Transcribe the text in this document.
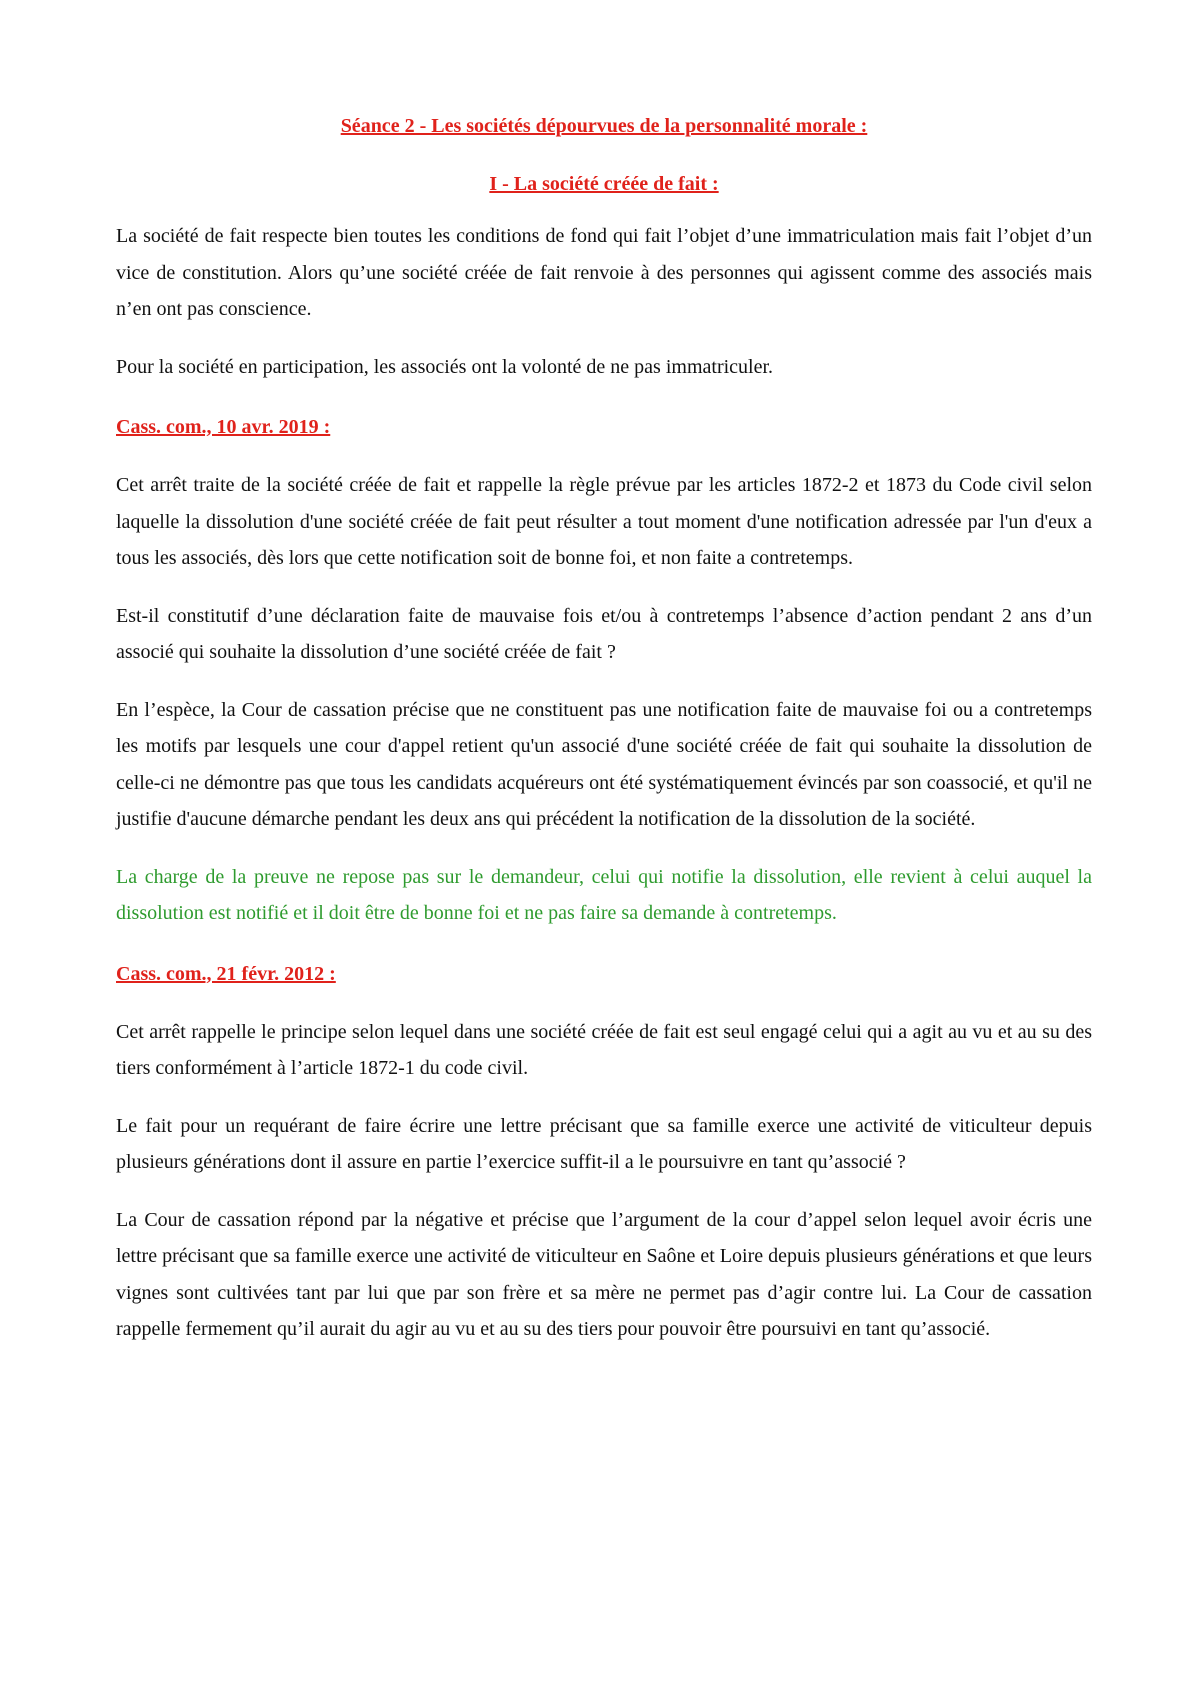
Séance 2 - Les sociétés dépourvues de la personnalité morale :

I - La société créée de fait :

La société de fait respecte bien toutes les conditions de fond qui fait l’objet d’une immatriculation mais fait l’objet d’un vice de constitution. Alors qu’une société créée de fait renvoie à des personnes qui agissent comme des associés mais n’en ont pas conscience.

Pour la société en participation, les associés ont la volonté de ne pas immatriculer.

Cass. com., 10 avr. 2019 :

Cet arrêt traite de la société créée de fait et rappelle la règle prévue par les articles 1872-2 et 1873 du Code civil selon laquelle la dissolution d'une société créée de fait peut résulter a tout moment d'une notification adressée par l'un d'eux a tous les associés, dès lors que cette notification soit de bonne foi, et non faite a contretemps.

Est-il constitutif d’une déclaration faite de mauvaise fois et/ou à contretemps l’absence d’action pendant 2 ans d’un associé qui souhaite la dissolution d’une société créée de fait ?

En l’espèce, la Cour de cassation précise que ne constituent pas une notification faite de mauvaise foi ou a contretemps les motifs par lesquels une cour d'appel retient qu'un associé d'une société créée de fait qui souhaite la dissolution de celle-ci ne démontre pas que tous les candidats acquéreurs ont été systématiquement évincés par son coassocié, et qu'il ne justifie d'aucune démarche pendant les deux ans qui précédent la notification de la dissolution de la société.

La charge de la preuve ne repose pas sur le demandeur, celui qui notifie la dissolution, elle revient à celui auquel la dissolution est notifié et il doit être de bonne foi et ne pas faire sa demande à contretemps.

Cass. com., 21 févr. 2012 :

Cet arrêt rappelle le principe selon lequel dans une société créée de fait est seul engagé celui qui a agit au vu et au su des tiers conformément à l’article 1872-1 du code civil.

Le fait pour un requérant de faire écrire une lettre précisant que sa famille exerce une activité de viticulteur depuis plusieurs générations dont il assure en partie l’exercice suffit-il a le poursuivre en tant qu’associé ?

La Cour de cassation répond par la négative et précise que l’argument de la cour d’appel selon lequel avoir écris une lettre précisant que sa famille exerce une activité de viticulteur en Saône et Loire depuis plusieurs générations et que leurs vignes sont cultivées tant par lui que par son frère et sa mère ne permet pas d’agir contre lui. La Cour de cassation rappelle fermement qu’il aurait du agir au vu et au su des tiers pour pouvoir être poursuivi en tant qu’associé.
